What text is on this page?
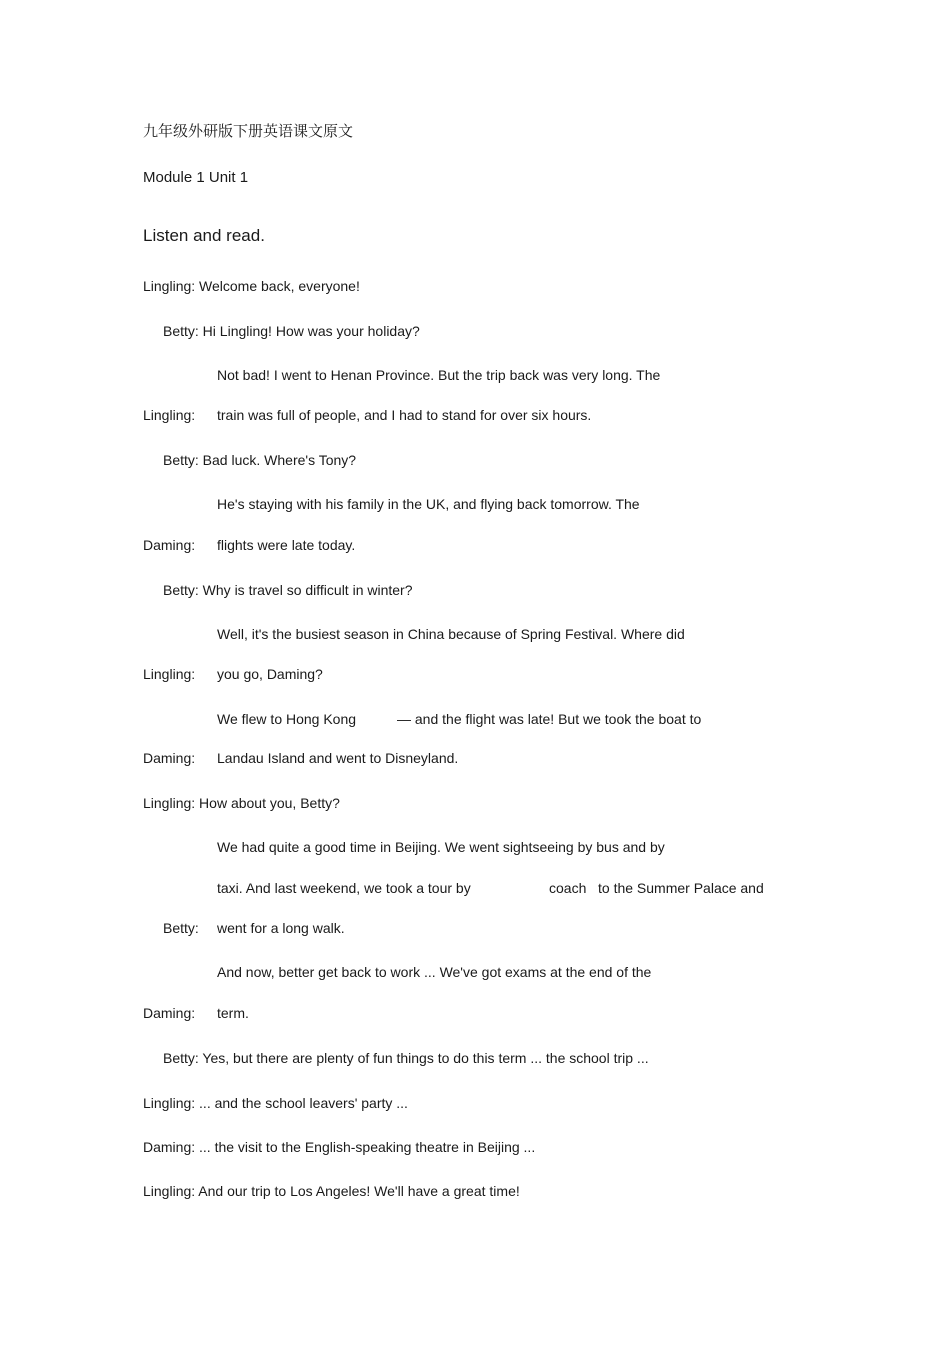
九年级外研版下册英语课文原文
Module 1 Unit 1
Listen and read.
Lingling: Welcome back, everyone!
Betty: Hi Lingling! How was your holiday?
Not bad! I went to Henan Province. But the trip back was very long. The
Lingling: train was full of people, and I had to stand for over six hours.
Betty: Bad luck. Where's Tony?
He's staying with his family in the UK, and flying back tomorrow. The
Daming: flights were late today.
Betty: Why is travel so difficult in winter?
Well, it's the busiest season in China because of Spring Festival. Where did
Lingling: you go, Daming?
We flew to Hong Kong	— and the flight was late! But we took the boat to
Daming: Landau Island and went to Disneyland.
Lingling: How about you, Betty?
We had quite a good time in Beijing. We went sightseeing by bus and by
taxi. And last weekend, we took a tour by	coach to the Summer Palace and
Betty: went for a long walk.
And now, better get back to work ... We've got exams at the end of the
Daming: term.
Betty: Yes, but there are plenty of fun things to do this term ... the school trip ...
Lingling: ... and the school leavers' party ...
Daming: ... the visit to the English-speaking theatre in Beijing ...
Lingling: And our trip to Los Angeles! We'll have a great time!
